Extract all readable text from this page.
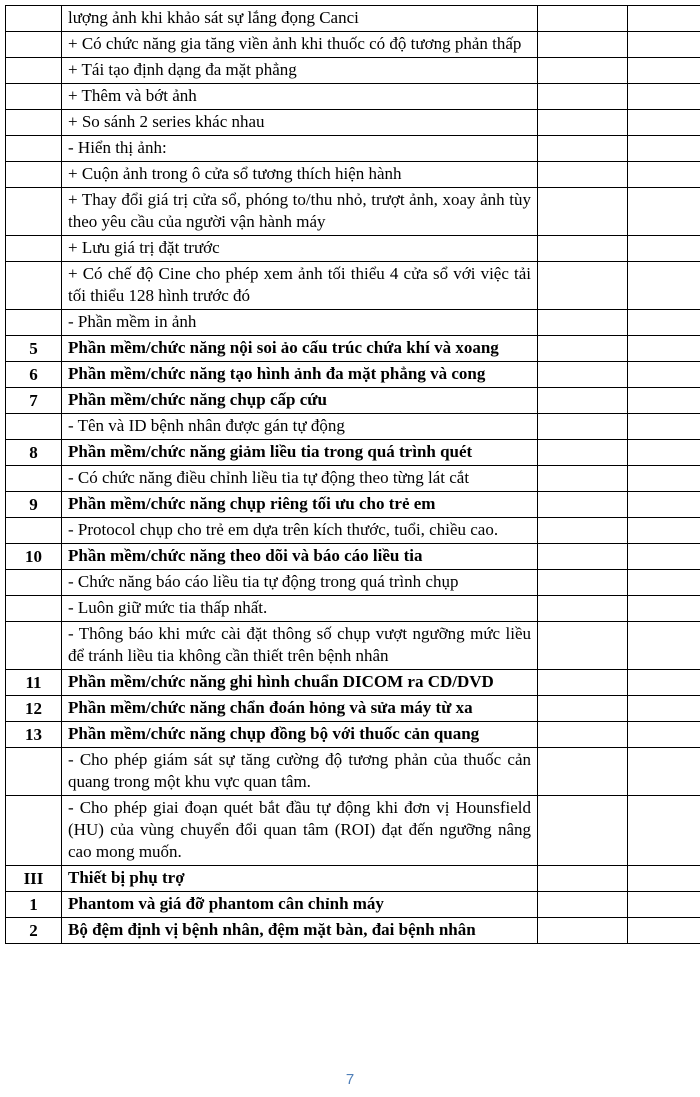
	lượng ảnh khi khảo sát sự lắng đọng Canci		
	+ Có chức năng gia tăng viền ảnh khi thuốc có độ tương phản thấp		
	+ Tái tạo định dạng đa mặt phẳng		
	+ Thêm và bớt ảnh		
	+ So sánh 2 series khác nhau		
	- Hiển thị ảnh:		
	+ Cuộn ảnh trong ô cửa sổ tương thích hiện hành		
	+ Thay đổi giá trị cửa sổ, phóng to/thu nhỏ, trượt ảnh, xoay ảnh tùy theo yêu cầu của người vận hành máy		
	+ Lưu giá trị đặt trước		
	+ Có chế độ Cine cho phép xem ảnh tối thiểu 4 cửa sổ với việc tải tối thiểu 128 hình trước đó		
	- Phần mềm in ảnh		
5	Phần mềm/chức năng nội soi ảo cấu trúc chứa khí và xoang		
6	Phần mềm/chức năng tạo hình ảnh đa mặt phẳng và cong		
7	Phần mềm/chức năng chụp cấp cứu		
	- Tên và ID bệnh nhân được gán tự động		
8	Phần mềm/chức năng giảm liều tia trong quá trình quét		
	- Có chức năng điều chỉnh liều tia tự động theo từng lát cắt		
9	Phần mềm/chức năng chụp riêng tối ưu cho trẻ em		
	- Protocol chụp cho trẻ em dựa trên kích thước, tuổi, chiều cao.		
10	Phần mềm/chức năng theo dõi và báo cáo liều tia		
	- Chức năng báo cáo liều tia tự động trong quá trình chụp		
	- Luôn giữ mức tia thấp nhất.		
	- Thông báo khi mức cài đặt thông số chụp vượt ngưỡng mức liều để tránh liều tia không cần thiết trên bệnh nhân		
11	Phần mềm/chức năng ghi hình chuẩn DICOM ra CD/DVD		
12	Phần mềm/chức năng chẩn đoán hỏng và sửa máy từ xa		
13	Phần mềm/chức năng chụp đồng bộ với thuốc cản quang		
	- Cho phép giám sát sự tăng cường độ tương phản của thuốc cản quang trong một khu vực quan tâm.		
	- Cho phép giai đoạn quét bắt đầu tự động khi đơn vị Hounsfield (HU) của vùng chuyển đổi quan tâm (ROI) đạt đến ngưỡng nâng cao mong muốn.		
III	Thiết bị phụ trợ		
1	Phantom và giá đỡ phantom cân chỉnh máy		
2	Bộ đệm định vị bệnh nhân, đệm mặt bàn, đai bệnh nhân		
7
